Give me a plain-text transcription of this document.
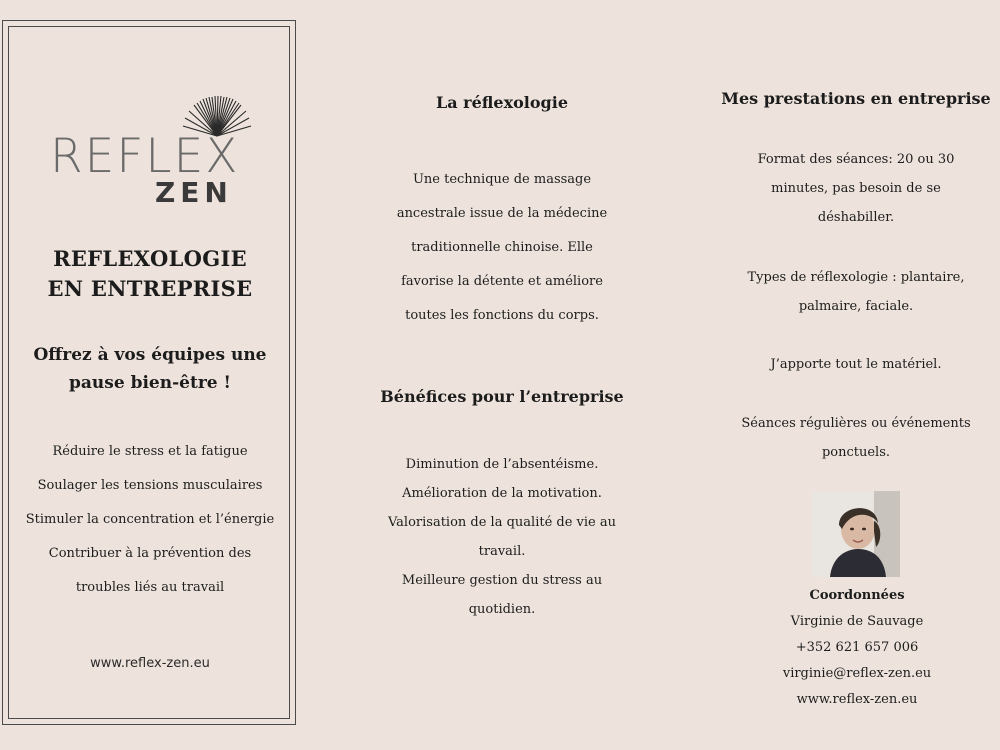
REFLEX
ZEN
REFLEXOLOGIE
EN ENTREPRISE
Offrez à vos équipes une
pause bien-être !
Réduire le stress et la fatigue
Soulager les tensions musculaires
Stimuler la concentration et l’énergie
Contribuer à la prévention des
troubles liés au travail
www.reflex-zen.eu
La réflexologie
Une technique de massage
ancestrale issue de la médecine
traditionnelle chinoise. Elle
favorise la détente et améliore
toutes les fonctions du corps.
Bénéfices pour l’entreprise
Diminution de l’absentéisme.
Amélioration de la motivation.
Valorisation de la qualité de vie au
travail.
Meilleure gestion du stress au
quotidien.
Mes prestations en entreprise
Format des séances: 20 ou 30
minutes, pas besoin de se
déshabiller.
Types de réflexologie : plantaire,
palmaire, faciale.
J’apporte tout le matériel.
Séances régulières ou événements
ponctuels.
Coordonnées
Virginie de Sauvage
+352 621 657 006
virginie@reflex-zen.eu
www.reflex-zen.eu
